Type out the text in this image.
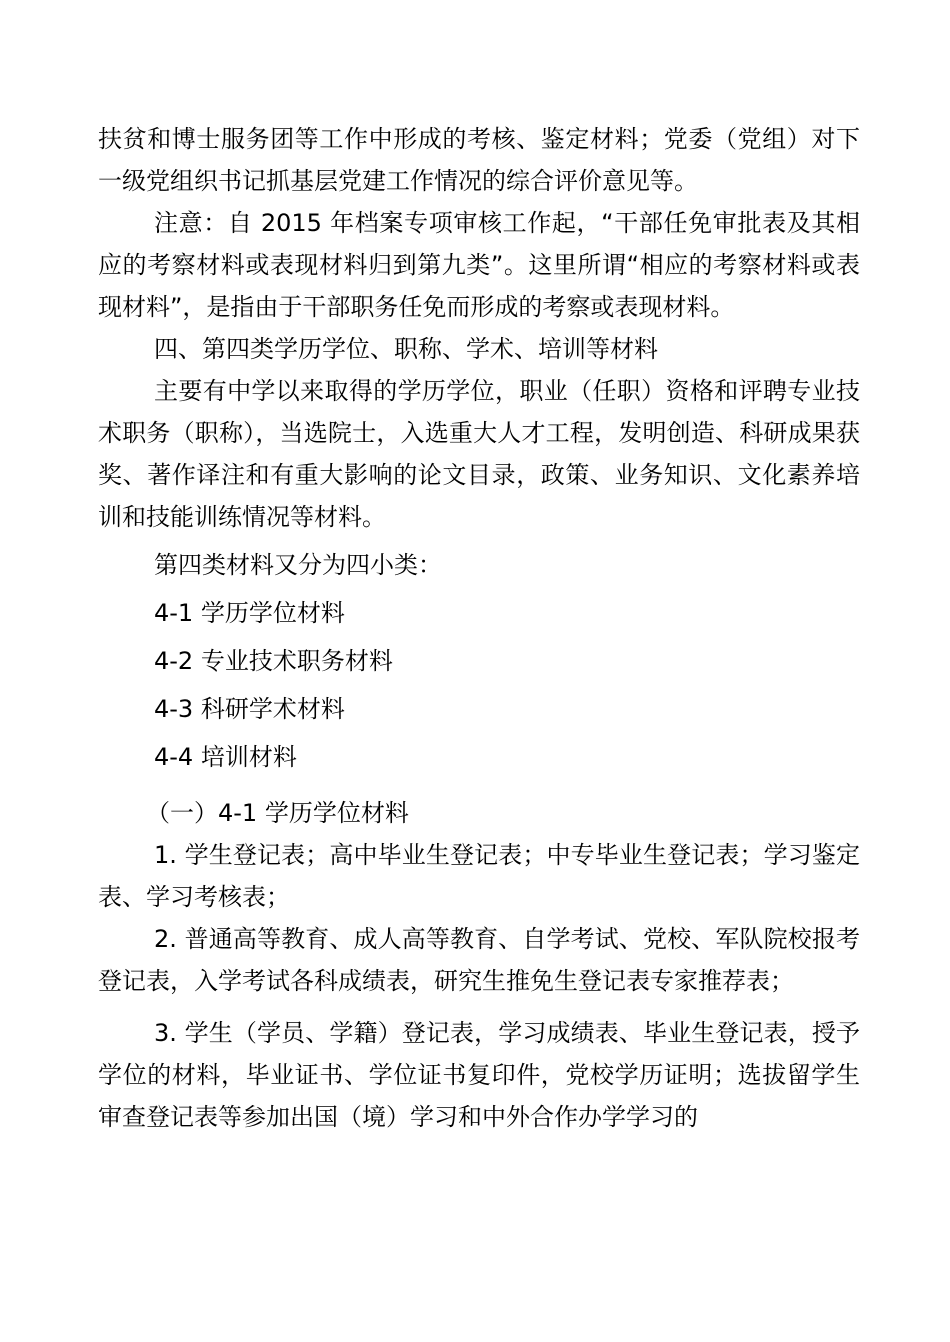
扶贫和博士服务团等工作中形成的考核、鉴定材料；党委（党组）对下一级党组织书记抓基层党建工作情况的综合评价意见等。

注意：自 2015 年档案专项审核工作起，“干部任免审批表及其相应的考察材料或表现材料归到第九类”。这里所谓“相应的考察材料或表现材料”，是指由于干部职务任免而形成的考察或表现材料。

四、第四类学历学位、职称、学术、培训等材料

主要有中学以来取得的学历学位，职业（任职）资格和评聘专业技术职务（职称），当选院士，入选重大人才工程，发明创造、科研成果获奖、著作译注和有重大影响的论文目录，政策、业务知识、文化素养培训和技能训练情况等材料。

第四类材料又分为四小类：

4-1 学历学位材料

4-2 专业技术职务材料

4-3 科研学术材料

4-4 培训材料

（一）4-1 学历学位材料

1. 学生登记表；高中毕业生登记表；中专毕业生登记表；学习鉴定表、学习考核表；

2. 普通高等教育、成人高等教育、自学考试、党校、军队院校报考登记表，入学考试各科成绩表，研究生推免生登记表专家推荐表；

3. 学生（学员、学籍）登记表，学习成绩表、毕业生登记表，授予学位的材料，毕业证书、学位证书复印件，党校学历证明；选拔留学生审查登记表等参加出国（境）学习和中外合作办学学习的
